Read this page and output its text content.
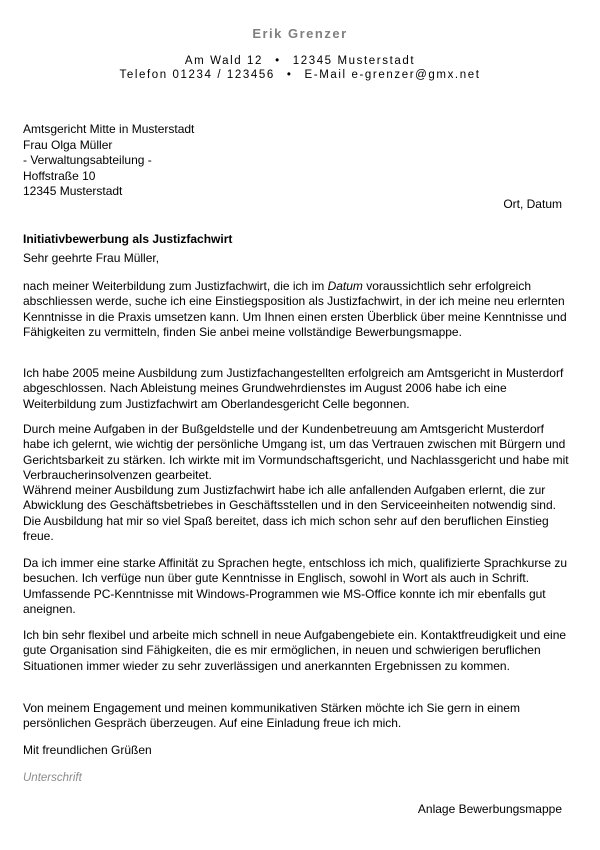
Erik Grenzer
Am Wald 12 • 12345 Musterstadt
Telefon 01234 / 123456 • E-Mail e-grenzer@gmx.net
Amtsgericht Mitte in Musterstadt
Frau Olga Müller
- Verwaltungsabteilung -
Hoffstraße 10
12345 Musterstadt
Ort, Datum
Initiativbewerbung als Justizfachwirt
Sehr geehrte Frau Müller,

nach meiner Weiterbildung zum Justizfachwirt, die ich im Datum voraussichtlich sehr erfolgreich abschliessen werde, suche ich eine Einstiegsposition als Justizfachwirt, in der ich meine neu erlernten Kenntnisse in die Praxis umsetzen kann. Um Ihnen einen ersten Überblick über meine Kenntnisse und Fähigkeiten zu vermitteln, finden Sie anbei meine vollständige Bewerbungsmappe.

Ich habe 2005 meine Ausbildung zum Justizfachangestellten erfolgreich am Amtsgericht in Musterdorf abgeschlossen. Nach Ableistung meines Grundwehrdienstes im August 2006 habe ich eine Weiterbildung zum Justizfachwirt am Oberlandesgericht Celle begonnen.

Durch meine Aufgaben in der Bußgeldstelle und der Kundenbetreuung am Amtsgericht Musterdorf habe ich gelernt, wie wichtig der persönliche Umgang ist, um das Vertrauen zwischen mit Bürgern und Gerichtsbarkeit zu stärken. Ich wirkte mit im Vormundschaftsgericht, und Nachlassgericht und habe mit Verbraucherinsolvenzen gearbeitet.

Während meiner Ausbildung zum Justizfachwirt habe ich alle anfallenden Aufgaben erlernt, die zur Abwicklung des Geschäftsbetriebes in Geschäftsstellen und in den Serviceeinheiten notwendig sind. Die Ausbildung hat mir so viel Spaß bereitet, dass ich mich schon sehr auf den beruflichen Einstieg freue.

Da ich immer eine starke Affinität zu Sprachen hegte, entschloss ich mich, qualifizierte Sprachkurse zu besuchen. Ich verfüge nun über gute Kenntnisse in Englisch, sowohl in Wort als auch in Schrift. Umfassende PC-Kenntnisse mit Windows-Programmen wie MS-Office konnte ich mir ebenfalls gut aneignen.

Ich bin sehr flexibel und arbeite mich schnell in neue Aufgabengebiete ein. Kontaktfreudigkeit und eine gute Organisation sind Fähigkeiten, die es mir ermöglichen, in neuen und schwierigen beruflichen Situationen immer wieder zu sehr zuverlässigen und anerkannten Ergebnissen zu kommen.

Von meinem Engagement und meinen kommunikativen Stärken möchte ich Sie gern in einem persönlichen Gespräch überzeugen. Auf eine Einladung freue ich mich.

Mit freundlichen Grüßen
Unterschrift
Anlage Bewerbungsmappe
